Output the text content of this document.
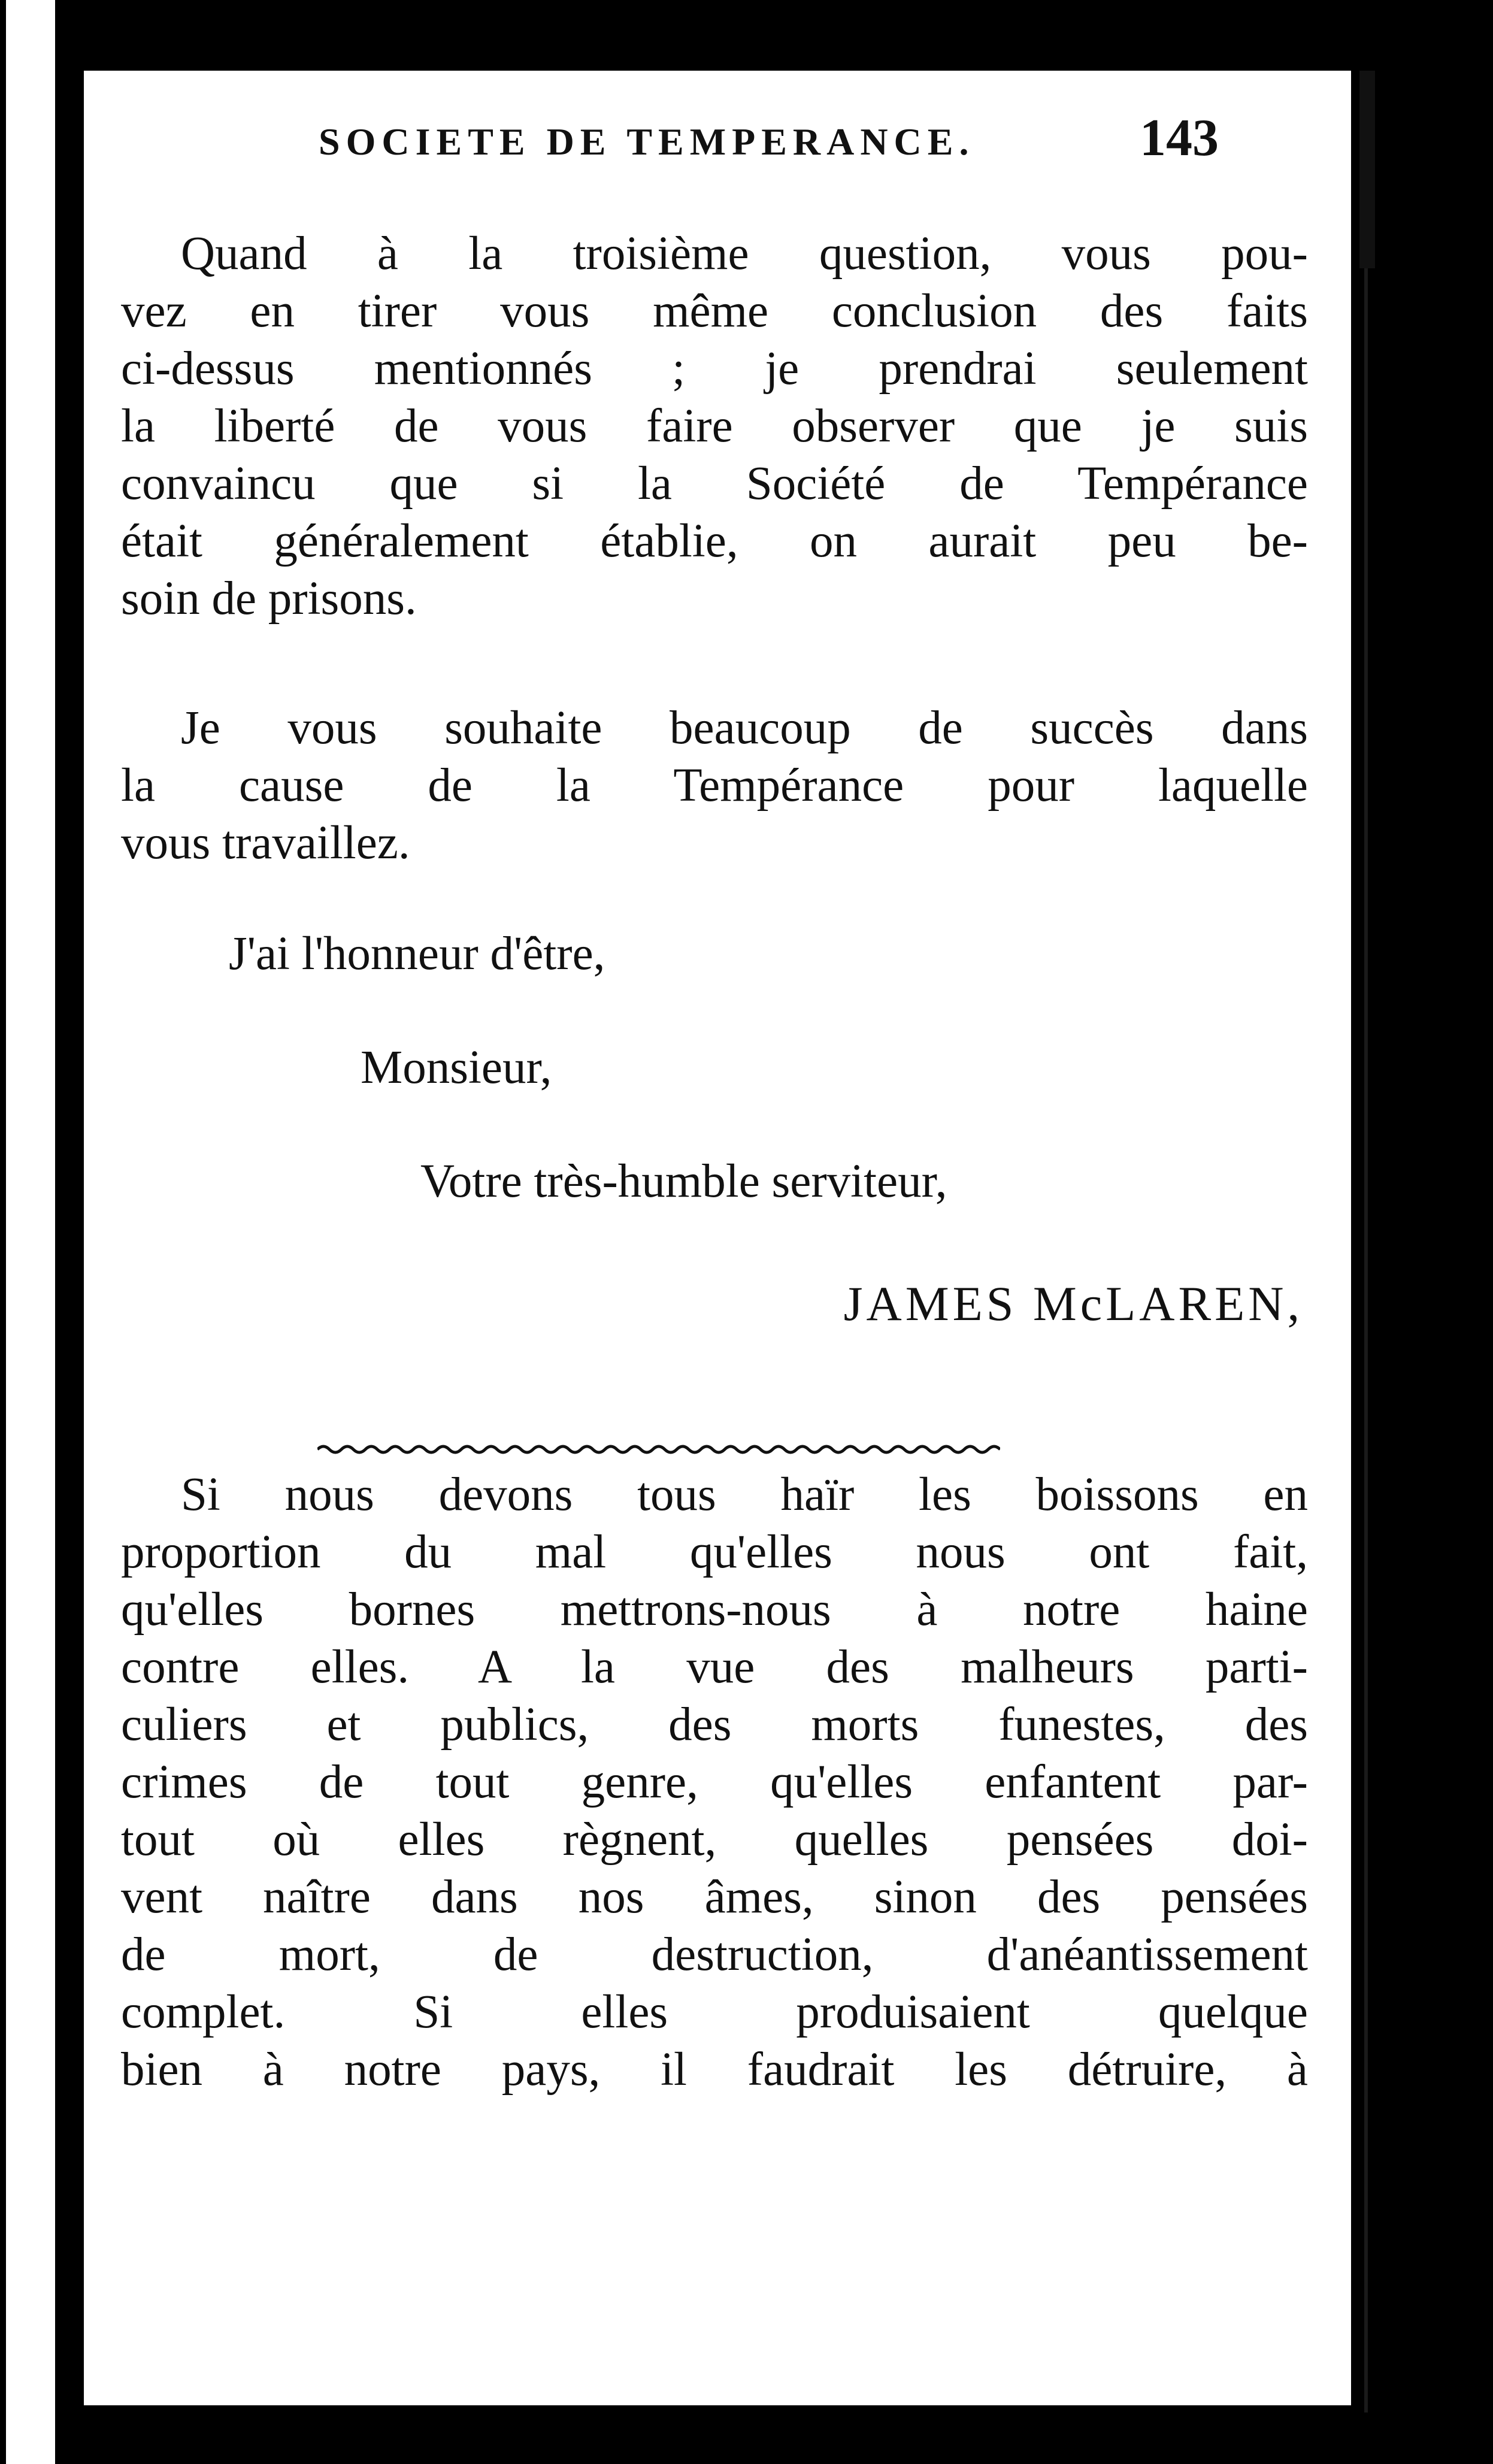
SOCIETE DE TEMPERANCE.	143
Quand à la troisième question, vous pou-
vez en tirer vous même conclusion des faits
ci-dessus mentionnés ; je prendrai seulement
la liberté de vous faire observer que je suis
convaincu que si la Société de Tempérance
était généralement établie, on aurait peu be-
soin de prisons.
Je vous souhaite beaucoup de succès dans
la cause de la Tempérance pour laquelle
vous travaillez.
J'ai l'honneur d'être,
Monsieur,
Votre très-humble serviteur,
JAMES McLAREN,
Si nous devons tous haïr les boissons en
proportion du mal qu'elles nous ont fait,
qu'elles bornes mettrons-nous à notre haine
contre elles. A la vue des malheurs parti-
culiers et publics, des morts funestes, des
crimes de tout genre, qu'elles enfantent par-
tout où elles règnent, quelles pensées doi-
vent naître dans nos âmes, sinon des pensées
de mort, de destruction, d'anéantissement
complet. Si elles produisaient quelque
bien à notre pays, il faudrait les détruire, à
